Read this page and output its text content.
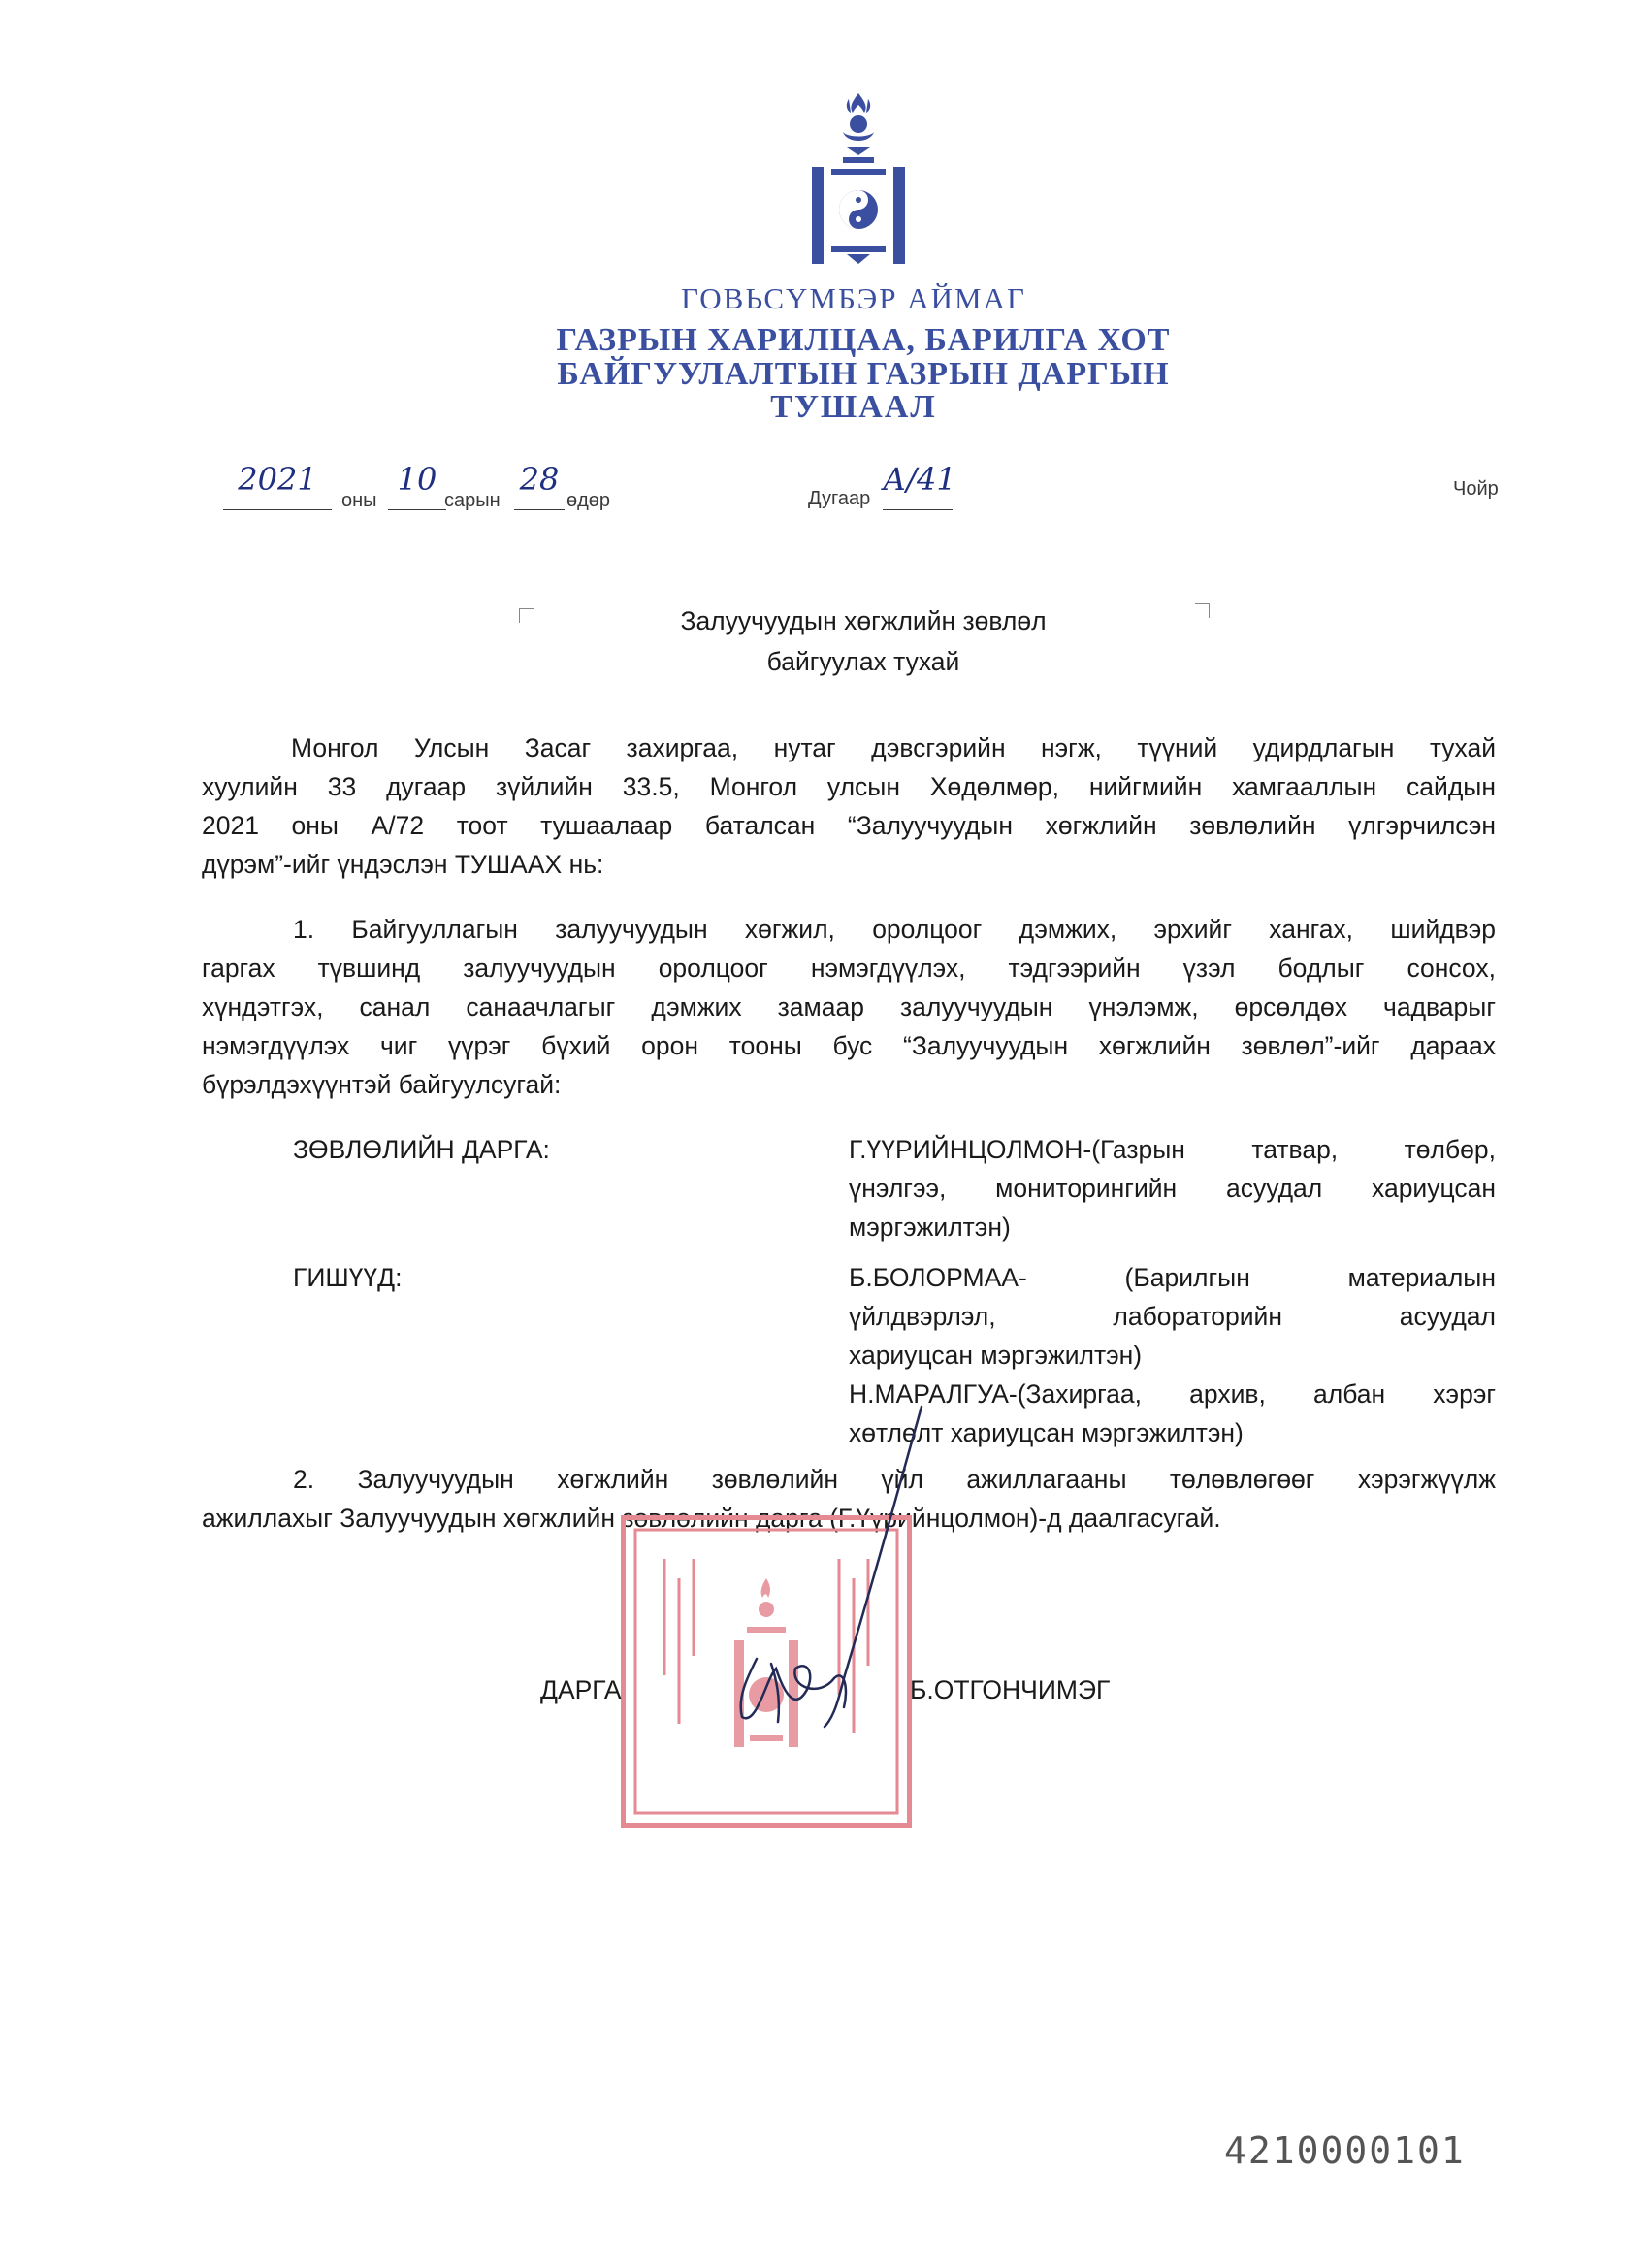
ГОВЬСҮМБЭР АЙМАГ
ГАЗРЫН ХАРИЛЦАА, БАРИЛГА ХОТ
БАЙГУУЛАЛТЫН ГАЗРЫН ДАРГЫН
ТУШААЛ
2021
оны
10
сарын
28
өдөр	Дугаар
А/41	Чойр
Залуучуудын хөгжлийн зөвлөл
байгуулах тухай
Монгол Улсын Засаг захиргаа, нутаг дэвсгэрийн нэгж, түүний удирдлагын тухай
хуулийн 33 дугаар зүйлийн 33.5, Монгол улсын Хөдөлмөр, нийгмийн хамгааллын сайдын
2021 оны А/72 тоот тушаалаар баталсан “Залуучуудын хөгжлийн зөвлөлийн үлгэрчилсэн
дүрэм”-ийг үндэслэн ТУШААХ нь:
1. Байгууллагын залуучуудын хөгжил, оролцоог дэмжих, эрхийг хангах, шийдвэр
гаргах түвшинд залуучуудын оролцоог нэмэгдүүлэх, тэдгээрийн үзэл бодлыг сонсох,
хүндэтгэх, санал санаачлагыг дэмжих замаар залуучуудын үнэлэмж, өрсөлдөх чадварыг
нэмэгдүүлэх чиг үүрэг бүхий орон тооны бус “Залуучуудын хөгжлийн зөвлөл”-ийг дараах
бүрэлдэхүүнтэй байгуулсугай:
ЗӨВЛӨЛИЙН ДАРГА:	Г.ҮҮРИЙНЦОЛМОН-(Газрын татвар, төлбөр,
үнэлгээ, мониторингийн асуудал хариуцсан
мэргэжилтэн)
ГИШҮҮД:	Б.БОЛОРМАА-     (Барилгын     материалын
үйлдвэрлэл,     лабораторийн     асуудал
хариуцсан мэргэжилтэн)
Н.МАРАЛГУА-(Захиргаа, архив, албан хэрэг
хөтлөлт хариуцсан мэргэжилтэн)
2. Залуучуудын хөгжлийн зөвлөлийн үйл ажиллагааны төлөвлөгөөг хэрэгжүүлж
ажиллахыг Залуучуудын хөгжлийн зөвлөлийн дарга (Г.Үүрийнцолмон)-д даалгасугай.
ДАРГА	Б.ОТГОНЧИМЭГ
4210000101
